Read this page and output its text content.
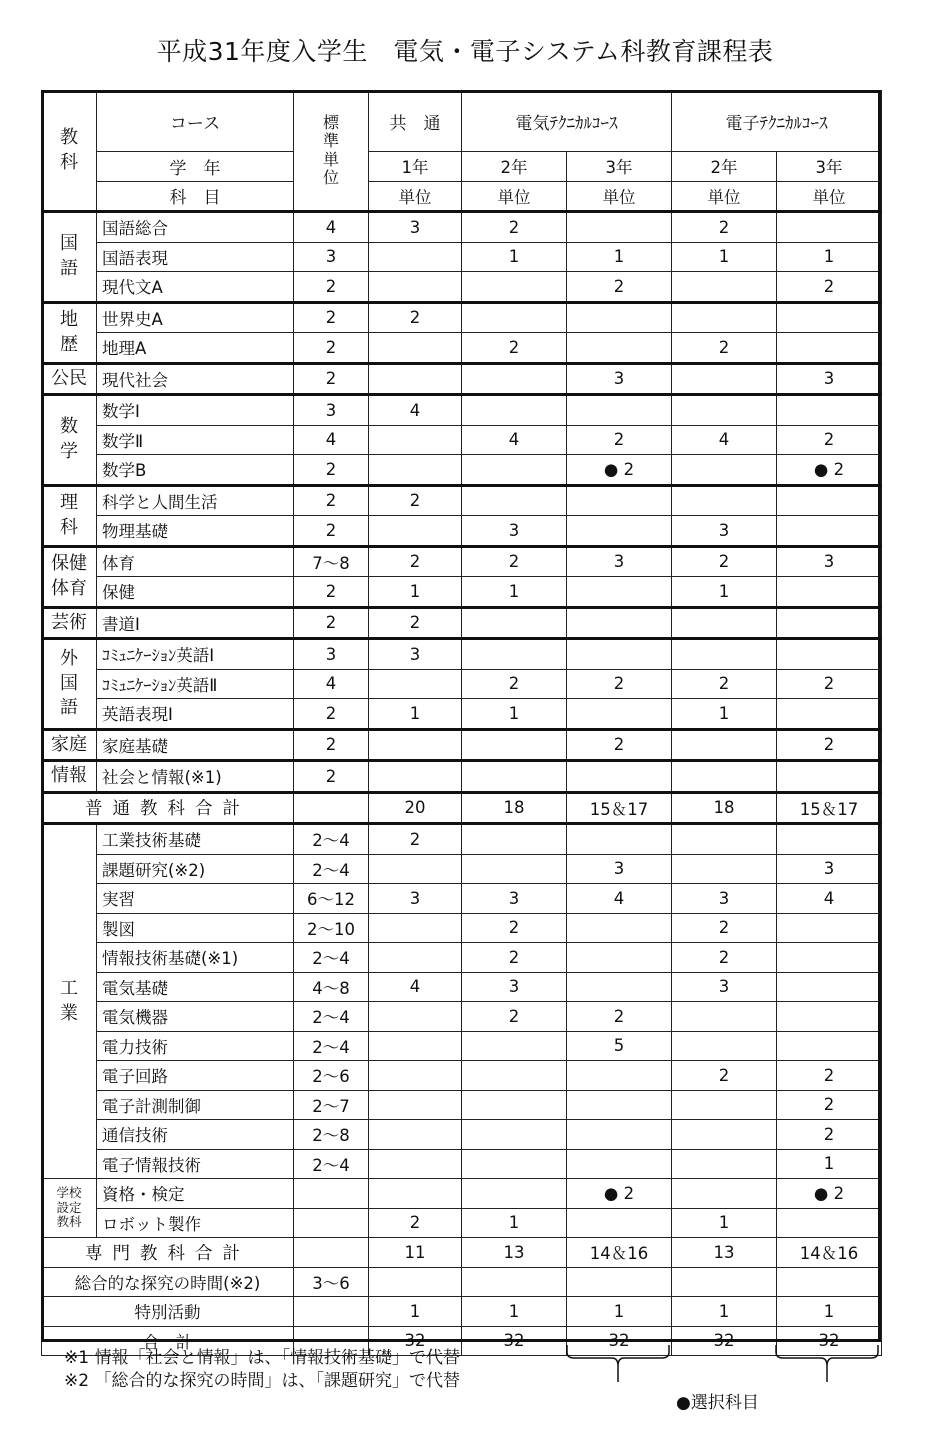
平成31年度入学生　電気・電子システム科教育課程表
教
科	コース	標
準
単
位	共　通	電気ﾃｸﾆｶﾙｺｰｽ		電子ﾃｸﾆｶﾙｺｰｽ	
	学　年		1年	2年	3年	2年	3年
	科　目		単位	単位	単位	単位	単位
国
語	国語総合	4	3	2		2	
	国語表現	3		1	1	1	1
	現代文A	2			2		2
地
歴	世界史A	2	2				
	地理A	2		2		2	
公民	現代社会	2			3		3
数
学	数学Ⅰ	3	4				
	数学Ⅱ	4		4	2	4	2
	数学B	2			● 2		● 2
理
科	科学と人間生活	2	2				
	物理基礎	2		3		3	
保健
体育	体育	7～8	2	2	3	2	3
	保健	2	1	1		1	
芸術	書道Ⅰ	2	2				
外
国
語	ｺﾐｭﾆｹｰｼｮﾝ英語Ⅰ	3	3				
	ｺﾐｭﾆｹｰｼｮﾝ英語Ⅱ	4		2	2	2	2
	英語表現Ⅰ	2	1	1		1	
家庭	家庭基礎	2			2		2
情報	社会と情報(※1)	2					
普通教科合計			20	18	15＆17	18	15＆17
工
業	工業技術基礎	2～4	2				
	課題研究(※2)	2～4			3		3
	実習	6～12	3	3	4	3	4
	製図	2～10		2		2	
	情報技術基礎(※1)	2～4		2		2	
	電気基礎	4～8	4	3		3	
	電気機器	2～4		2	2		
	電力技術	2～4			5		
	電子回路	2～6				2	2
	電子計測制御	2～7					2
	通信技術	2～8					2
	電子情報技術	2～4					1
学校
設定
教科	資格・検定				● 2		● 2
	ロボット製作		2	1		1	
専門教科合計			11	13	14＆16	13	14＆16
総合的な探究の時間(※2)		3～6					
特別活動			1	1	1	1	1
合　計			32	32	32	32	32
※1 情報「社会と情報」は、「情報技術基礎」で代替
※2 「総合的な探究の時間」は、「課題研究」で代替
●選択科目
